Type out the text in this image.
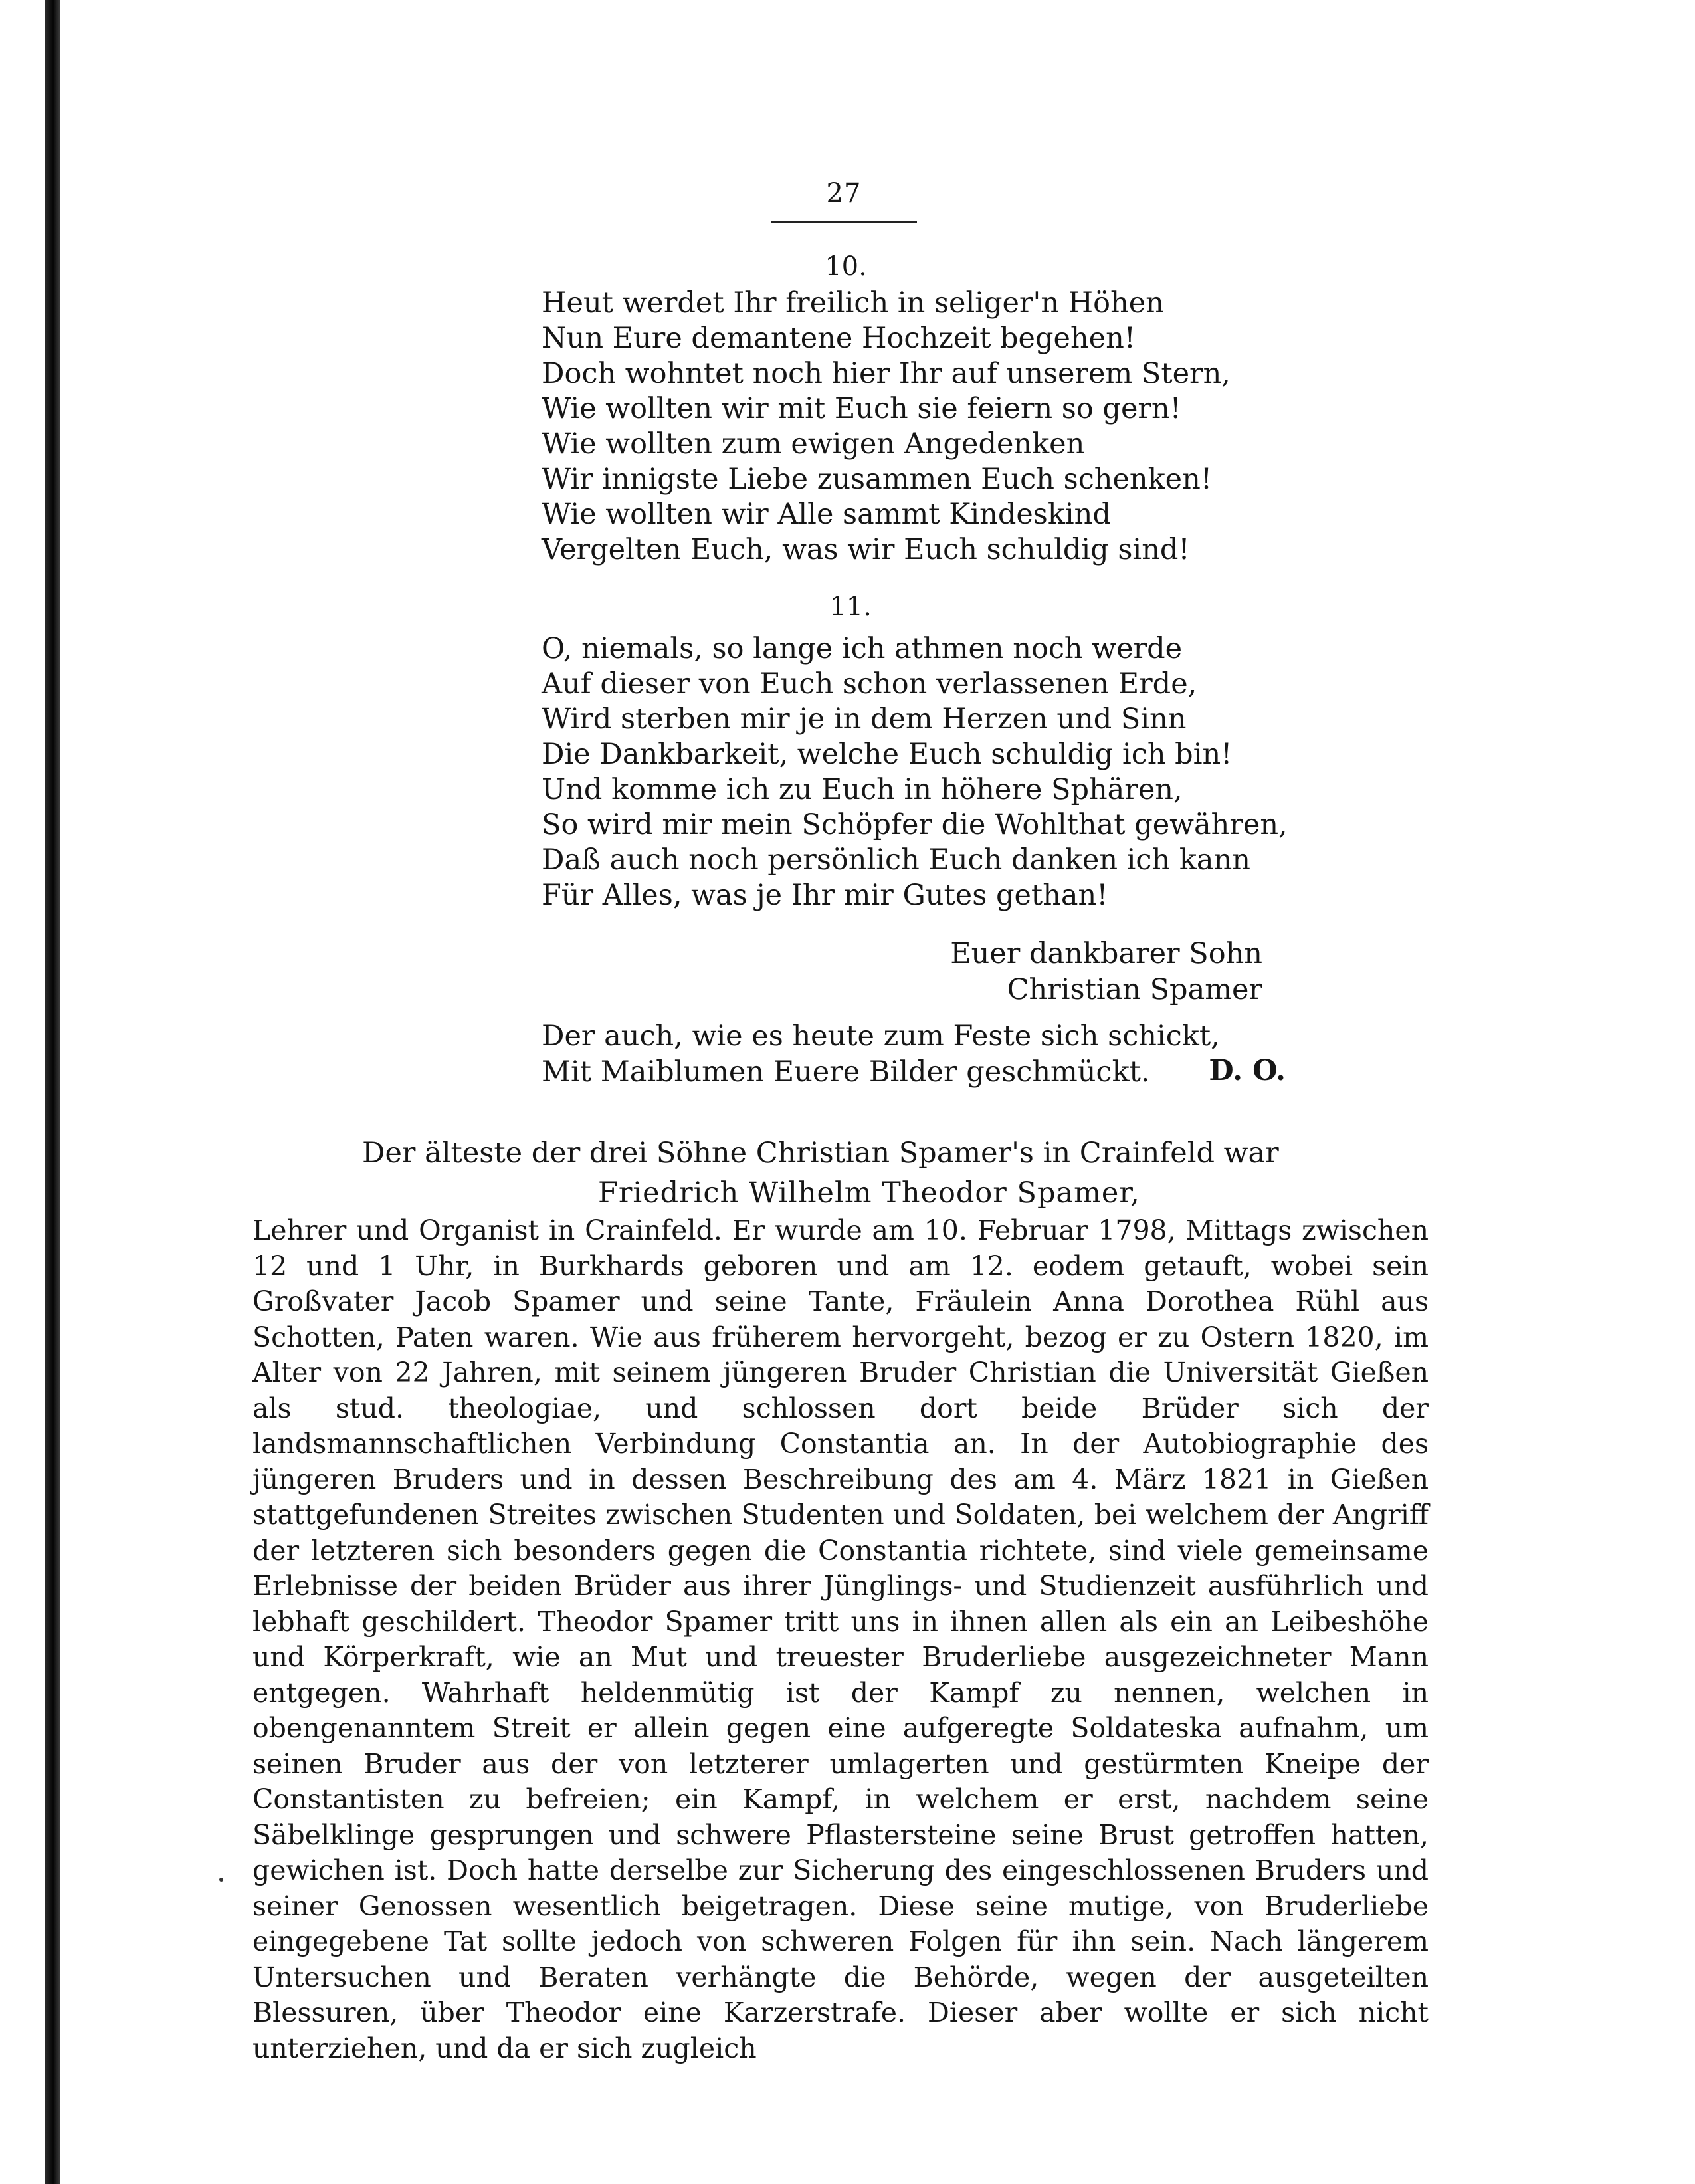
27
10.
Heut werdet Ihr freilich in seliger'n Höhen
Nun Eure demantene Hochzeit begehen!
Doch wohntet noch hier Ihr auf unserem Stern,
Wie wollten wir mit Euch sie feiern so gern!
Wie wollten zum ewigen Angedenken
Wir innigste Liebe zusammen Euch schenken!
Wie wollten wir Alle sammt Kindeskind
Vergelten Euch, was wir Euch schuldig sind!
11.
O, niemals, so lange ich athmen noch werde
Auf dieser von Euch schon verlassenen Erde,
Wird sterben mir je in dem Herzen und Sinn
Die Dankbarkeit, welche Euch schuldig ich bin!
Und komme ich zu Euch in höhere Sphären,
So wird mir mein Schöpfer die Wohlthat gewähren,
Daß auch noch persönlich Euch danken ich kann
Für Alles, was je Ihr mir Gutes gethan!
Euer dankbarer Sohn
Christian Spamer
Der auch, wie es heute zum Feste sich schickt,
Mit Maiblumen Euere Bilder geschmückt.	D. O.
Der älteste der drei Söhne Christian Spamer's in Crainfeld war
Friedrich Wilhelm Theodor Spamer,

Lehrer und Organist in Crainfeld. Er wurde am 10. Februar 1798, Mittags zwischen 12 und 1 Uhr, in Burkhards geboren und am 12. eodem getauft, wobei sein Großvater Jacob Spamer und seine Tante, Fräulein Anna Dorothea Rühl aus Schotten, Paten waren. Wie aus früherem hervorgeht, bezog er zu Ostern 1820, im Alter von 22 Jahren, mit seinem jüngeren Bruder Christian die Universität Gießen als stud. theologiae, und schlossen dort beide Brüder sich der landsmannschaftlichen Verbindung Constantia an. In der Autobiographie des jüngeren Bruders und in dessen Beschreibung des am 4. März 1821 in Gießen stattgefundenen Streites zwischen Studenten und Soldaten, bei welchem der Angriff der letzteren sich besonders gegen die Constantia richtete, sind viele gemeinsame Erlebnisse der beiden Brüder aus ihrer Jünglings- und Studienzeit ausführlich und lebhaft geschildert. Theodor Spamer tritt uns in ihnen allen als ein an Leibeshöhe und Körperkraft, wie an Mut und treuester Bruderliebe ausgezeichneter Mann entgegen. Wahrhaft heldenmütig ist der Kampf zu nennen, welchen in obengenanntem Streit er allein gegen eine aufgeregte Soldateska aufnahm, um seinen Bruder aus der von letzterer umlagerten und gestürmten Kneipe der Constantisten zu befreien; ein Kampf, in welchem er erst, nachdem seine Säbelklinge gesprungen und schwere Pflastersteine seine Brust getroffen hatten, gewichen ist. Doch hatte derselbe zur Sicherung des eingeschlossenen Bruders und seiner Genossen wesentlich beigetragen. Diese seine mutige, von Bruderliebe eingegebene Tat sollte jedoch von schweren Folgen für ihn sein. Nach längerem Untersuchen und Beraten verhängte die Behörde, wegen der ausgeteilten Blessuren, über Theodor eine Karzerstrafe. Dieser aber wollte er sich nicht unterziehen, und da er sich zugleich
